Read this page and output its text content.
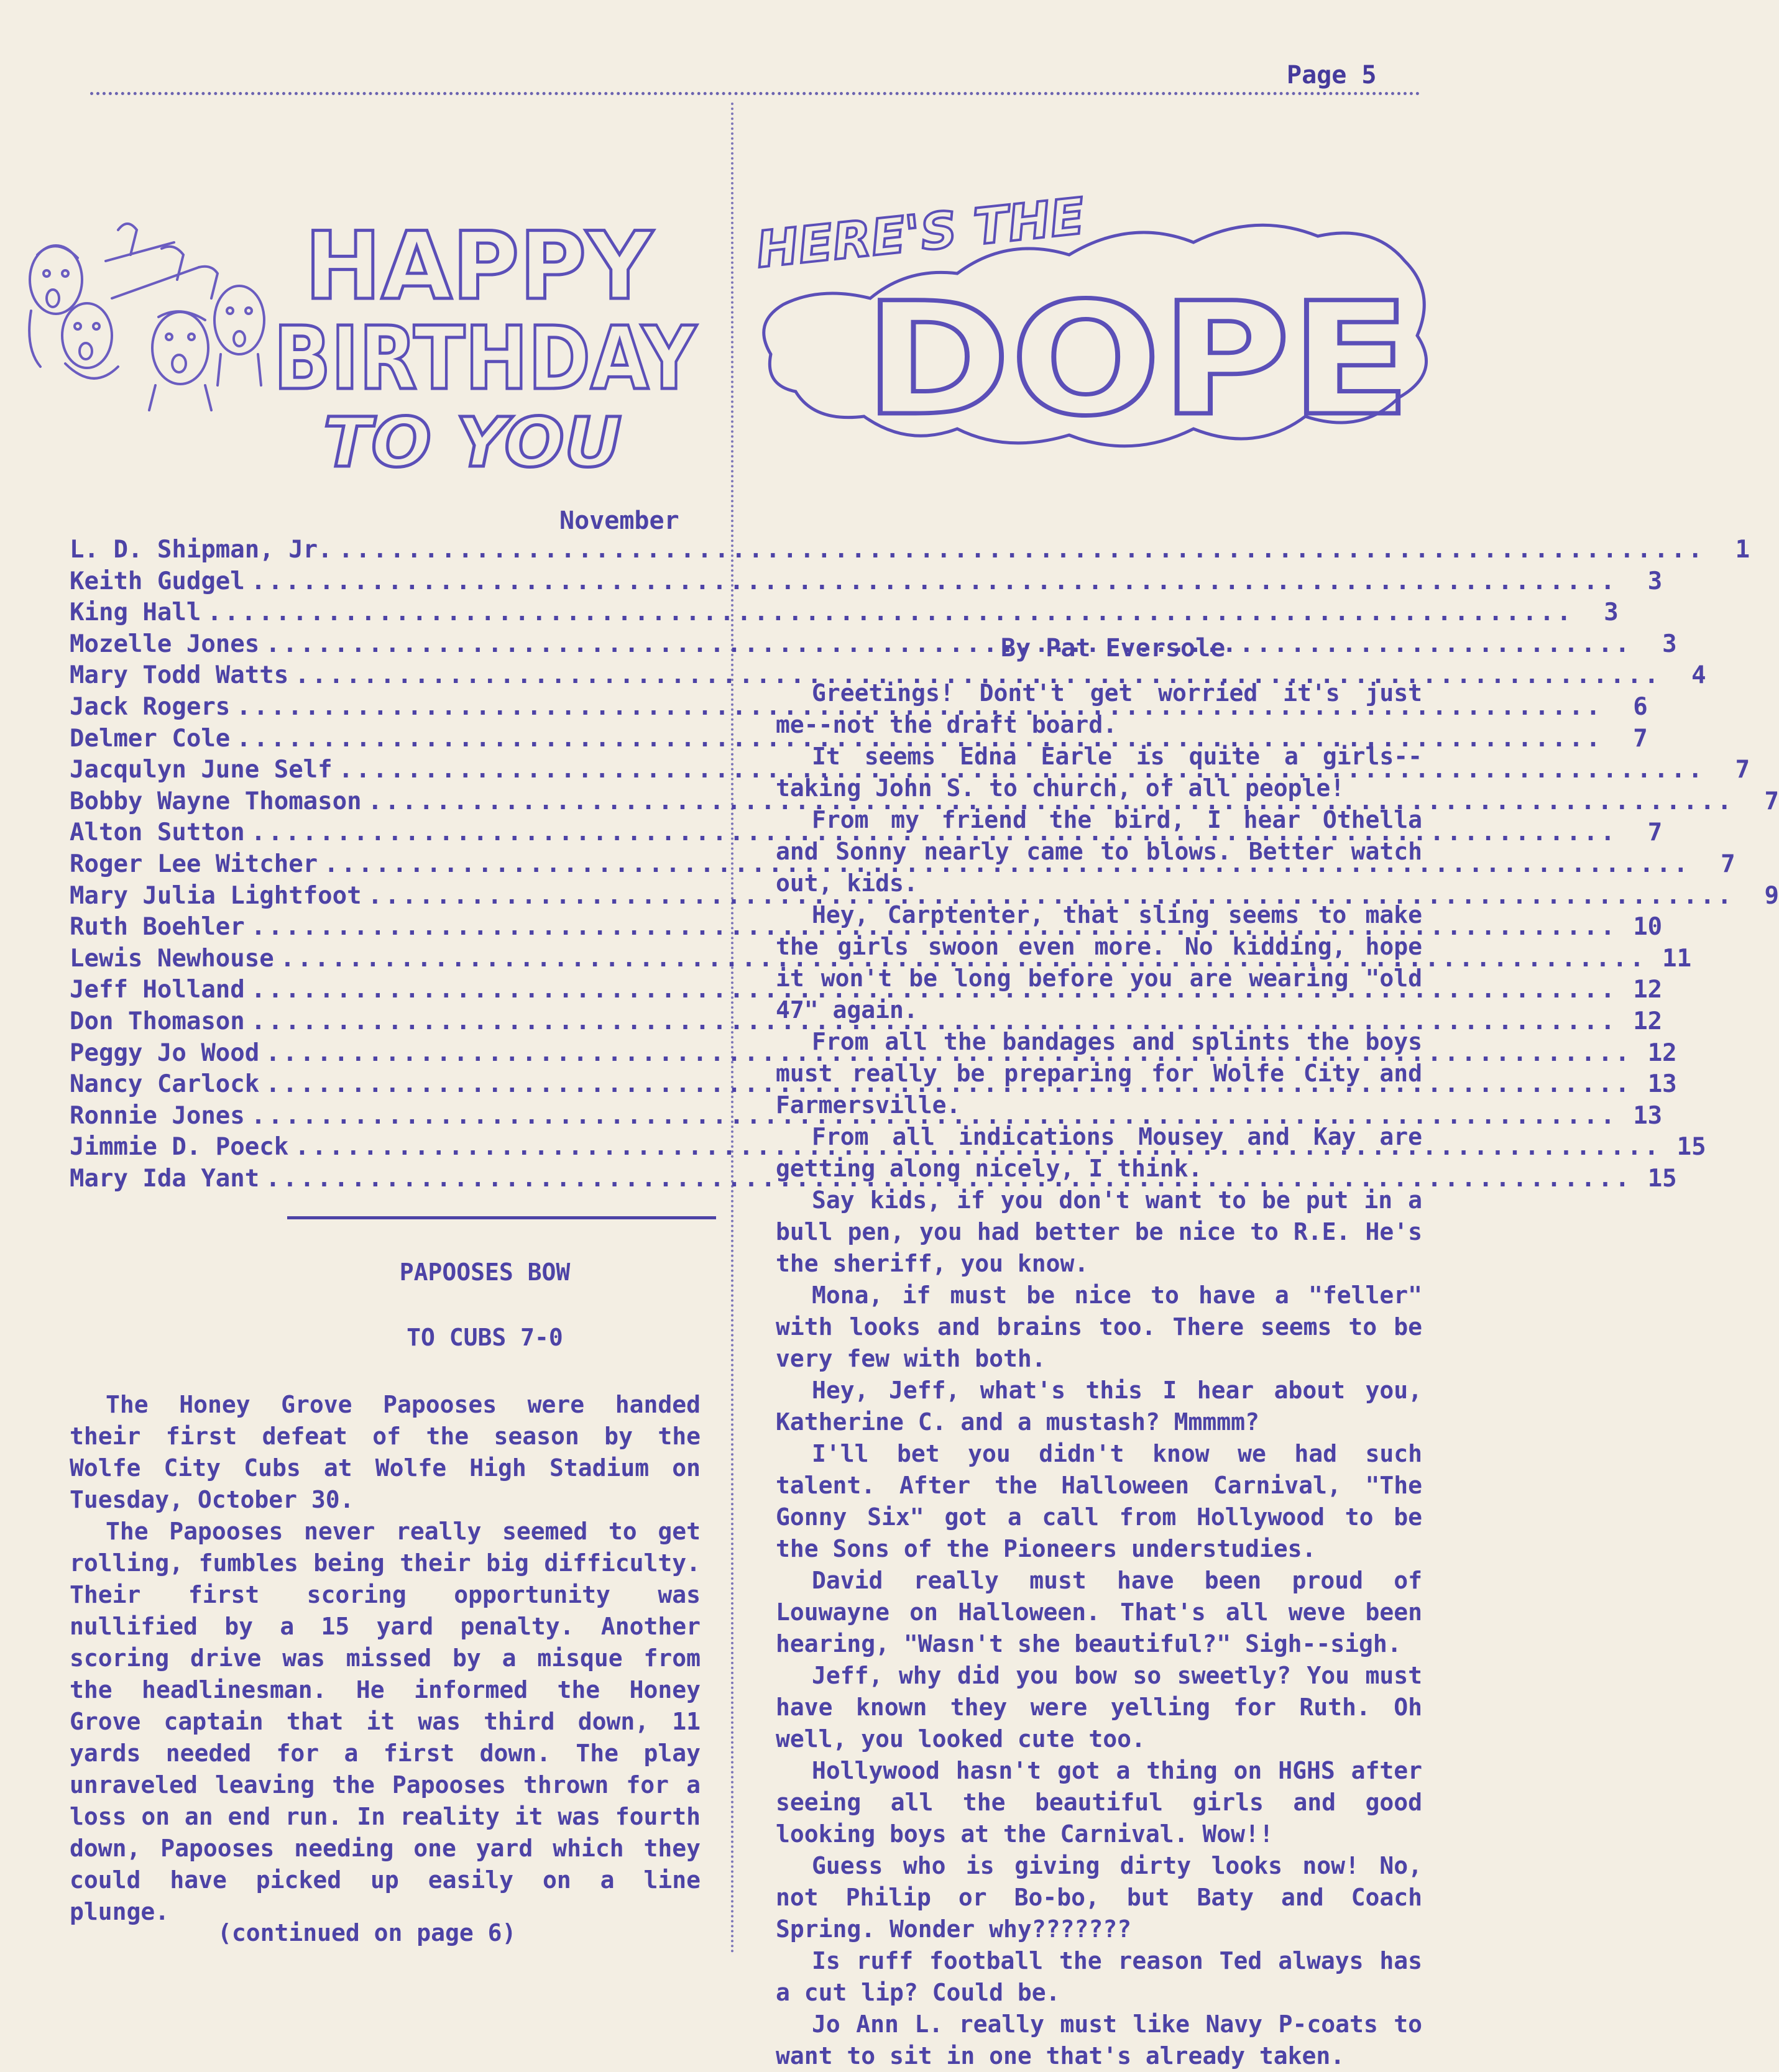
Page 5
HAPPY
BIRTHDAY
TO YOU
HERE'S THE
DOPE
November
L. D. Shipman, Jr. .....	1
Keith Gudgel .....	3
King Hall .....	3
Mozelle Jones .....	3
Mary Todd Watts .....	4
Jack Rogers .....	6
Delmer Cole .....	7
Jacqulyn June Self .....	7
Bobby Wayne Thomason .....	7
Alton Sutton .....	7
Roger Lee Witcher .....	7
Mary Julia Lightfoot .....	9
Ruth Boehler .....	10
Lewis Newhouse .....	11
Jeff Holland .....	12
Don Thomason .....	12
Peggy Jo Wood .....	12
Nancy Carlock .....	13
Ronnie Jones .....	13
Jimmie D. Poeck .....	15
Mary Ida Yant .....	15
PAPOOSES BOW
TO CUBS 7-0

The Honey Grove Papooses were handed their first defeat of the season by the Wolfe City Cubs at Wolfe High Stadium on Tuesday, October 30.

The Papooses never really seemed to get rolling, fumbles being their big difficulty. Their first scoring opportunity was nullified by a 15 yard penalty. Another scoring drive was missed by a misque from the headlinesman. He informed the Honey Grove captain that it was third down, 11 yards needed for a first down. The play unraveled leaving the Papooses thrown for a loss on an end run. In reality it was fourth down, Papooses needing one yard which they could have picked up easily on a line plunge.

(continued on page 6)
By Pat Eversole

Greetings! Dont't get worried it's just me--not the draft board.

It seems Edna Earle is quite a girls--taking John S. to church, of all people!

From my friend the bird, I hear Othella and Sonny nearly came to blows. Better watch out, kids.

Hey, Carptenter, that sling seems to make the girls swoon even more. No kidding, hope it won't be long before you are wearing "old 47" again.

From all the bandages and splints the boys must really be preparing for Wolfe City and Farmersville.

From all indications Mousey and Kay are getting along nicely, I think.

Say kids, if you don't want to be put in a bull pen, you had better be nice to R.E. He's the sheriff, you know.

Mona, if must be nice to have a "feller" with looks and brains too. There seems to be very few with both.

Hey, Jeff, what's this I hear about you, Katherine C. and a mustash? Mmmmm?

I'll bet you didn't know we had such talent. After the Halloween Carnival, "The Gonny Six" got a call from Hollywood to be the Sons of the Pioneers understudies.

David really must have been proud of Louwayne on Halloween. That's all weve been hearing, "Wasn't she beautiful?" Sigh--sigh.

Jeff, why did you bow so sweetly? You must have known they were yelling for Ruth. Oh well, you looked cute too.

Hollywood hasn't got a thing on HGHS after seeing all the beautiful girls and good looking boys at the Carnival. Wow!!

Guess who is giving dirty looks now! No, not Philip or Bo-bo, but Baty and Coach Spring. Wonder why???????

Is ruff football the reason Ted always has a cut lip? Could be.

Jo Ann L. really must like Navy P-coats to want to sit in one that's already taken.
